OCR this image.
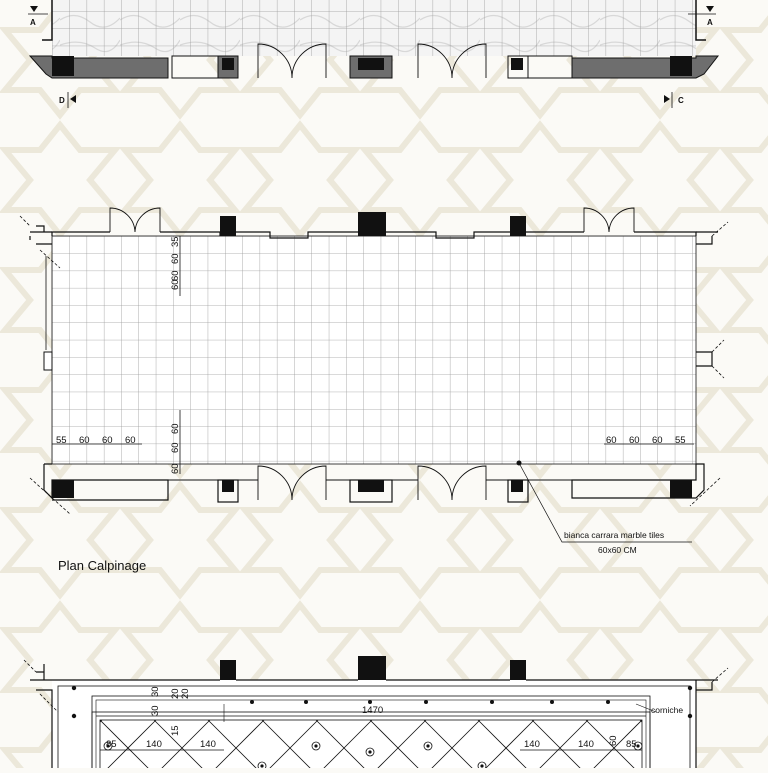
A	A
D	C
55 60 60 60	60 60 60 55
35
60
60
60
60
60
60
bianca carrara marble tiles
60x60 CM
Plan Calpinage
30
30
20 20
15
1470
85	140	140	140	140 60 85
corniche
